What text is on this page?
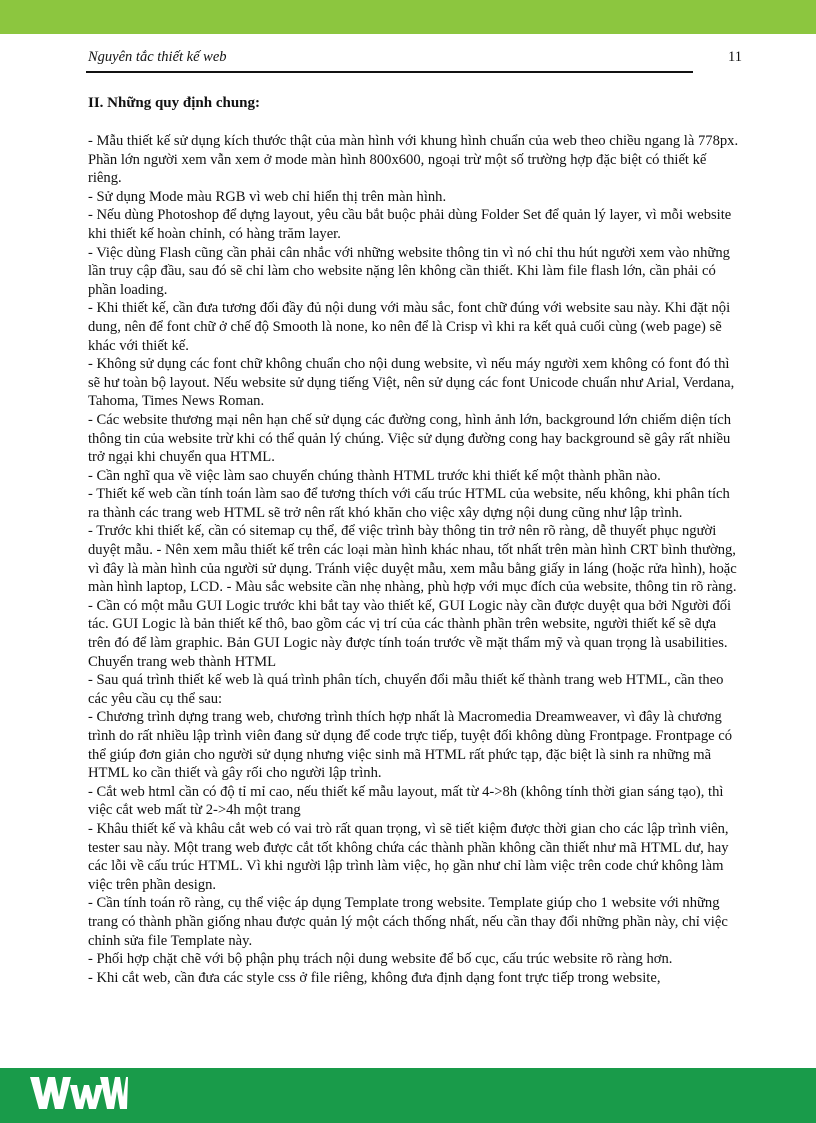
Nguyên tắc thiết kế web	11
II. Những quy định chung:
- Mẫu thiết kế sử dụng kích thước thật của màn hình với khung hình chuẩn của web theo chiều ngang là 778px. Phần lớn người xem vẫn xem ở mode màn hình 800x600, ngoại trừ một số trường hợp đặc biệt có thiết kế riêng.
- Sử dụng Mode màu RGB vì web chỉ hiển thị trên màn hình.
- Nếu dùng Photoshop để dựng layout, yêu cầu bắt buộc phải dùng Folder Set để quản lý layer, vì mỗi website khi thiết kế hoàn chỉnh, có hàng trăm layer.
- Việc dùng Flash cũng cần phải cân nhắc với những website thông tin vì nó chỉ thu hút người xem vào những lần truy cập đầu, sau đó sẽ chỉ làm cho website nặng lên không cần thiết. Khi làm file flash lớn, cần phải có phần loading.
- Khi thiết kế, cần đưa tương đối đầy đủ nội dung với màu sắc, font chữ đúng với website sau này. Khi đặt nội dung, nên để font chữ ở chế độ Smooth là none, ko nên để là Crisp vì khi ra kết quả cuối cùng (web page) sẽ khác với thiết kế.
- Không sử dụng các font chữ không chuẩn cho nội dung website, vì nếu máy người xem không có font đó thì sẽ hư toàn bộ layout. Nếu website sử dụng tiếng Việt, nên sử dụng các font Unicode chuẩn như Arial, Verdana, Tahoma, Times News Roman.
- Các website thương mại nên hạn chế sử dụng các đường cong, hình ảnh lớn, background lớn chiếm diện tích thông tin của website trừ khi có thể quản lý chúng. Việc sử dụng đường cong hay background sẽ gây rất nhiều trở ngại khi chuyển qua HTML.
- Cần nghĩ qua về việc làm sao chuyển chúng thành HTML trước khi thiết kế một thành phần nào.
- Thiết kế web cần tính toán làm sao để tương thích với cấu trúc HTML của website, nếu không, khi phân tích ra thành các trang web HTML sẽ trở nên rất khó khăn cho việc xây dựng nội dung cũng như lập trình.
- Trước khi thiết kế, cần có sitemap cụ thể, để việc trình bày thông tin trở nên rõ ràng, dễ thuyết phục người duyệt mẫu. - Nên xem mẫu thiết kế trên các loại màn hình khác nhau, tốt nhất trên màn hình CRT bình thường, vì đây là màn hình của người sử dụng. Tránh việc duyệt mẫu, xem mẫu bằng giấy in láng (hoặc rửa hình), hoặc màn hình laptop, LCD. - Màu sắc website cần nhẹ nhàng, phù hợp với mục đích của website, thông tin rõ ràng.
- Cần có một mẫu GUI Logic trước khi bắt tay vào thiết kế, GUI Logic này cần được duyệt qua bởi Người đối tác. GUI Logic là bản thiết kế thô, bao gồm các vị trí của các thành phần trên website, người thiết kế sẽ dựa trên đó để làm graphic. Bản GUI Logic này được tính toán trước về mặt thẩm mỹ và quan trọng là usabilities.
Chuyển trang web thành HTML
- Sau quá trình thiết kế web là quá trình phân tích, chuyển đổi mẫu thiết kế thành trang web HTML, cần theo các yêu cầu cụ thể sau:
- Chương trình dựng trang web, chương trình thích hợp nhất là Macromedia Dreamweaver, vì đây là chương trình do rất nhiều lập trình viên đang sử dụng để code trực tiếp, tuyệt đối không dùng Frontpage. Frontpage có thể giúp đơn giản cho người sử dụng nhưng việc sinh mã HTML rất phức tạp, đặc biệt là sinh ra những mã HTML ko cần thiết và gây rối cho người lập trình.
- Cắt web html cần có độ tỉ mỉ cao, nếu thiết kế mẫu layout, mất từ 4->8h (không tính thời gian sáng tạo), thì việc cắt web mất từ 2->4h một trang
- Khâu thiết kế và khâu cắt web có vai trò rất quan trọng, vì sẽ tiết kiệm được thời gian cho các lập trình viên, tester sau này. Một trang web được cắt tốt không chứa các thành phần không cần thiết như mã HTML dư, hay các lỗi về cấu trúc HTML. Vì khi người lập trình làm việc, họ gần như chỉ làm việc trên code chứ không làm việc trên phần design.
- Cần tính toán rõ ràng, cụ thể việc áp dụng Template trong website. Template giúp cho 1 website với những trang có thành phần giống nhau được quản lý một cách thống nhất, nếu cần thay đổi những phần này, chỉ việc chỉnh sửa file Template này.
- Phối hợp chặt chẽ với bộ phận phụ trách nội dung website để bố cục, cấu trúc website rõ ràng hơn.
- Khi cắt web, cần đưa các style css ở file riêng, không đưa định dạng font trực tiếp trong website,
